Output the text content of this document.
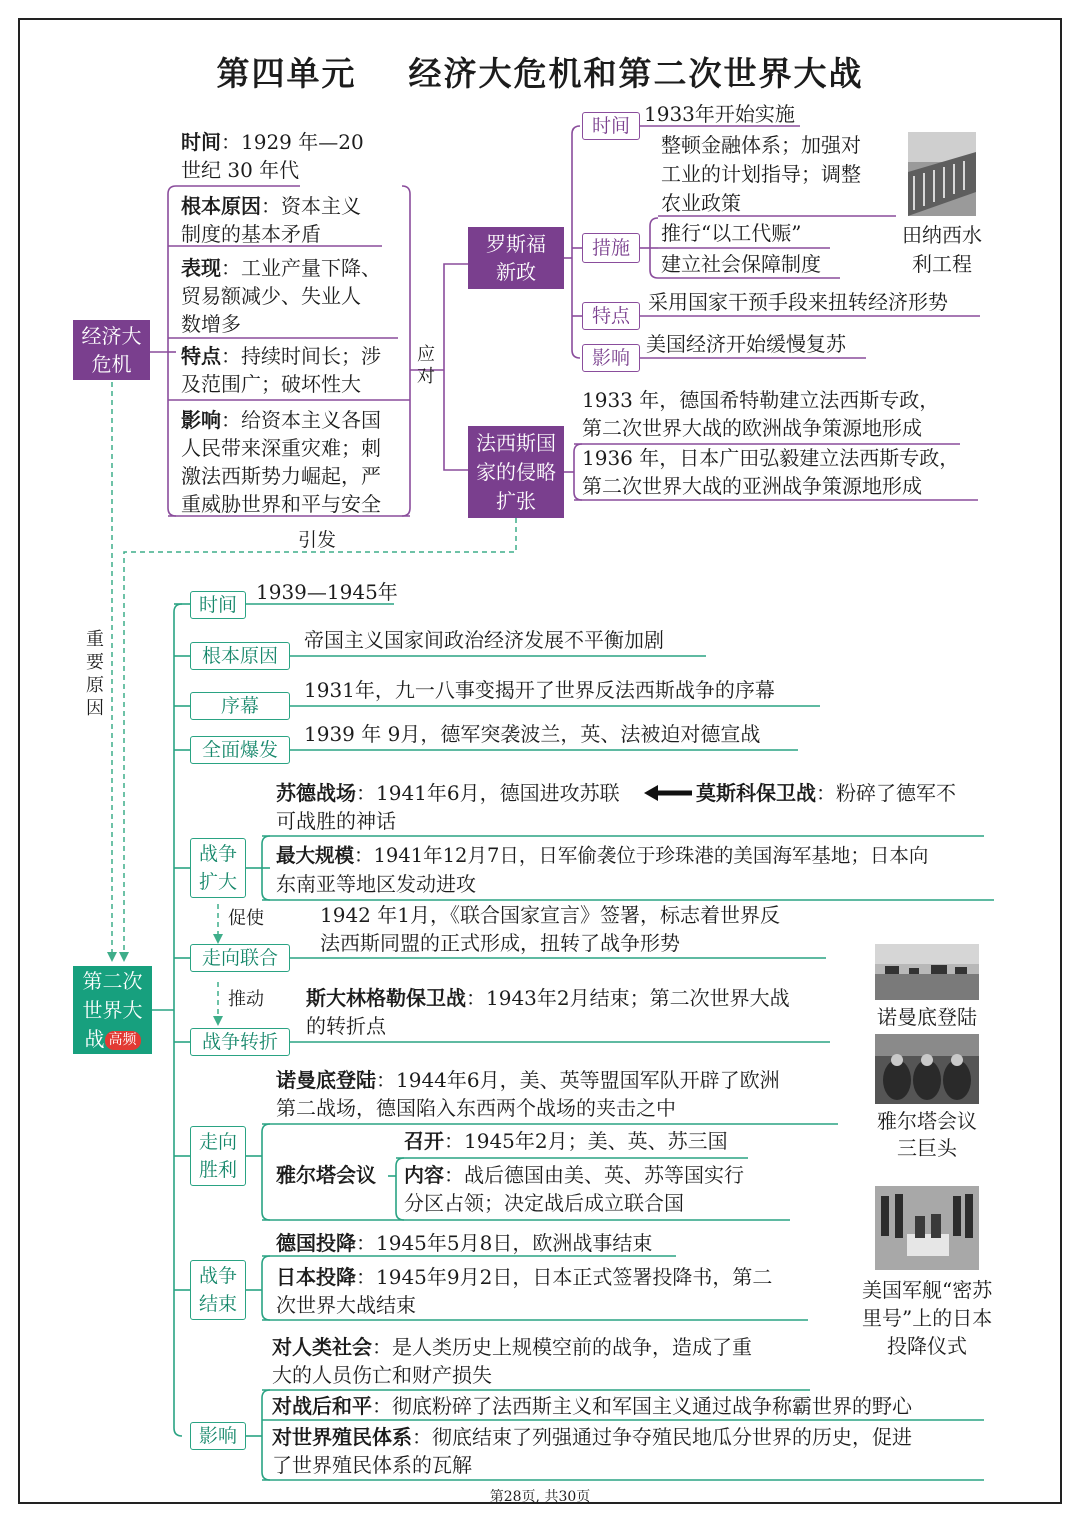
第四单元 经济大危机和第二次世界大战
经济大危机
时间：1929 年—20
世纪 30 年代
根本原因：资本主义
制度的基本矛盾
表现：工业产量下降、
贸易额减少、失业人
数增多
特点：持续时间长；涉
及范围广；破坏性大
影响：给资本主义各国
人民带来深重灾难；刺
激法西斯势力崛起，严
重威胁世界和平与安全
应对
引发
重要原因
罗斯福新政
时间 1933年开始实施
措施
整顿金融体系；加强对
工业的计划指导；调整
农业政策
推行“以工代赈”
建立社会保障制度
特点
采用国家干预手段来扭转经济形势
影响
美国经济开始缓慢复苏
田纳西水
利工程
法西斯国家的侵略扩张
1933 年，德国希特勒建立法西斯专政，
第二次世界大战的欧洲战争策源地形成
1936 年，日本广田弘毅建立法西斯专政，
第二次世界大战的亚洲战争策源地形成
第二次
世界大
战 高频
时间
1939—1945年
根本原因
帝国主义国家间政治经济发展不平衡加剧
序幕
1931年，九一八事变揭开了世界反法西斯战争的序幕
全面爆发
1939 年 9月，德军突袭波兰，英、法被迫对德宣战
战争扩大
苏德战场：1941年6月，德国进攻苏联	莫斯科保卫战：粉碎了德军不
可战胜的神话
最大规模：1941年12月7日，日军偷袭位于珍珠港的美国海军基地；日本向
东南亚等地区发动进攻
促使
走向联合
1942 年1月，《联合国家宣言》签署，标志着世界反
法西斯同盟的正式形成，扭转了战争形势
推动
战争转折
斯大林格勒保卫战：1943年2月结束；第二次世界大战
的转折点
走向胜利
诺曼底登陆：1944年6月，美、英等盟国军队开辟了欧洲
第二战场，德国陷入东西两个战场的夹击之中
雅尔塔会议
召开：1945年2月；美、英、苏三国
内容：战后德国由美、英、苏等国实行
分区占领；决定战后成立联合国
战争结束
德国投降：1945年5月8日，欧洲战事结束
日本投降：1945年9月2日，日本正式签署投降书，第二
次世界大战结束
影响
对人类社会：是人类历史上规模空前的战争，造成了重
大的人员伤亡和财产损失
对战后和平：彻底粉碎了法西斯主义和军国主义通过战争称霸世界的野心
对世界殖民体系：彻底结束了列强通过争夺殖民地瓜分世界的历史，促进
了世界殖民体系的瓦解
诺曼底登陆
雅尔塔会议
三巨头
美国军舰“密苏
里号”上的日本
投降仪式
第28页, 共30页
